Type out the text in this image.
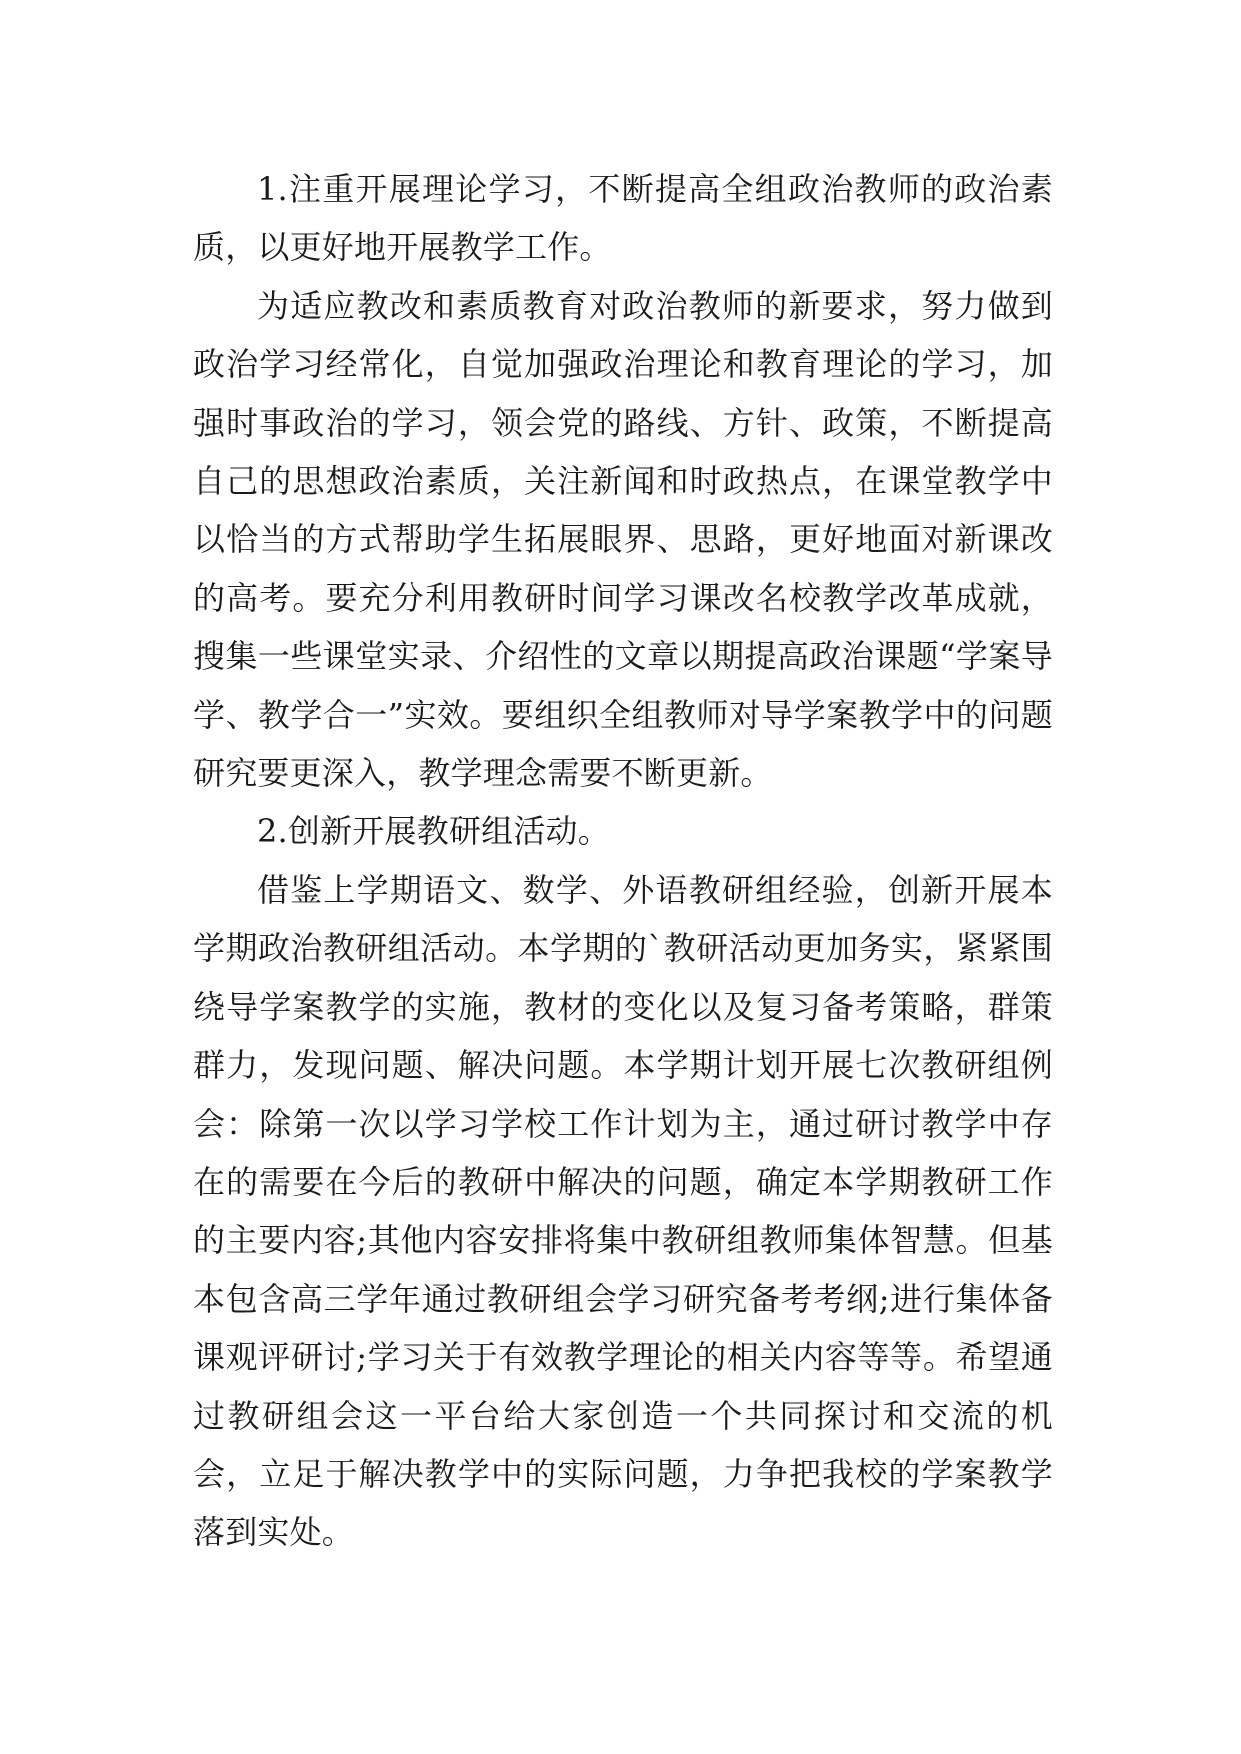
1.注重开展理论学习，不断提高全组政治教师的政治素质，以更好地开展教学工作。

为适应教改和素质教育对政治教师的新要求，努力做到政治学习经常化，自觉加强政治理论和教育理论的学习，加强时事政治的学习，领会党的路线、方针、政策，不断提高自己的思想政治素质，关注新闻和时政热点，在课堂教学中以恰当的方式帮助学生拓展眼界、思路，更好地面对新课改的高考。要充分利用教研时间学习课改名校教学改革成就，搜集一些课堂实录、介绍性的文章以期提高政治课题“学案导学、教学合一”实效。要组织全组教师对导学案教学中的问题研究要更深入，教学理念需要不断更新。

2.创新开展教研组活动。

借鉴上学期语文、数学、外语教研组经验，创新开展本学期政治教研组活动。本学期的`教研活动更加务实，紧紧围绕导学案教学的实施，教材的变化以及复习备考策略，群策群力，发现问题、解决问题。本学期计划开展七次教研组例会：除第一次以学习学校工作计划为主，通过研讨教学中存在的需要在今后的教研中解决的问题，确定本学期教研工作的主要内容;其他内容安排将集中教研组教师集体智慧。但基本包含高三学年通过教研组会学习研究备考考纲;进行集体备课观评研讨;学习关于有效教学理论的相关内容等等。希望通过教研组会这一平台给大家创造一个共同探讨和交流的机会，立足于解决教学中的实际问题，力争把我校的学案教学落到实处。
